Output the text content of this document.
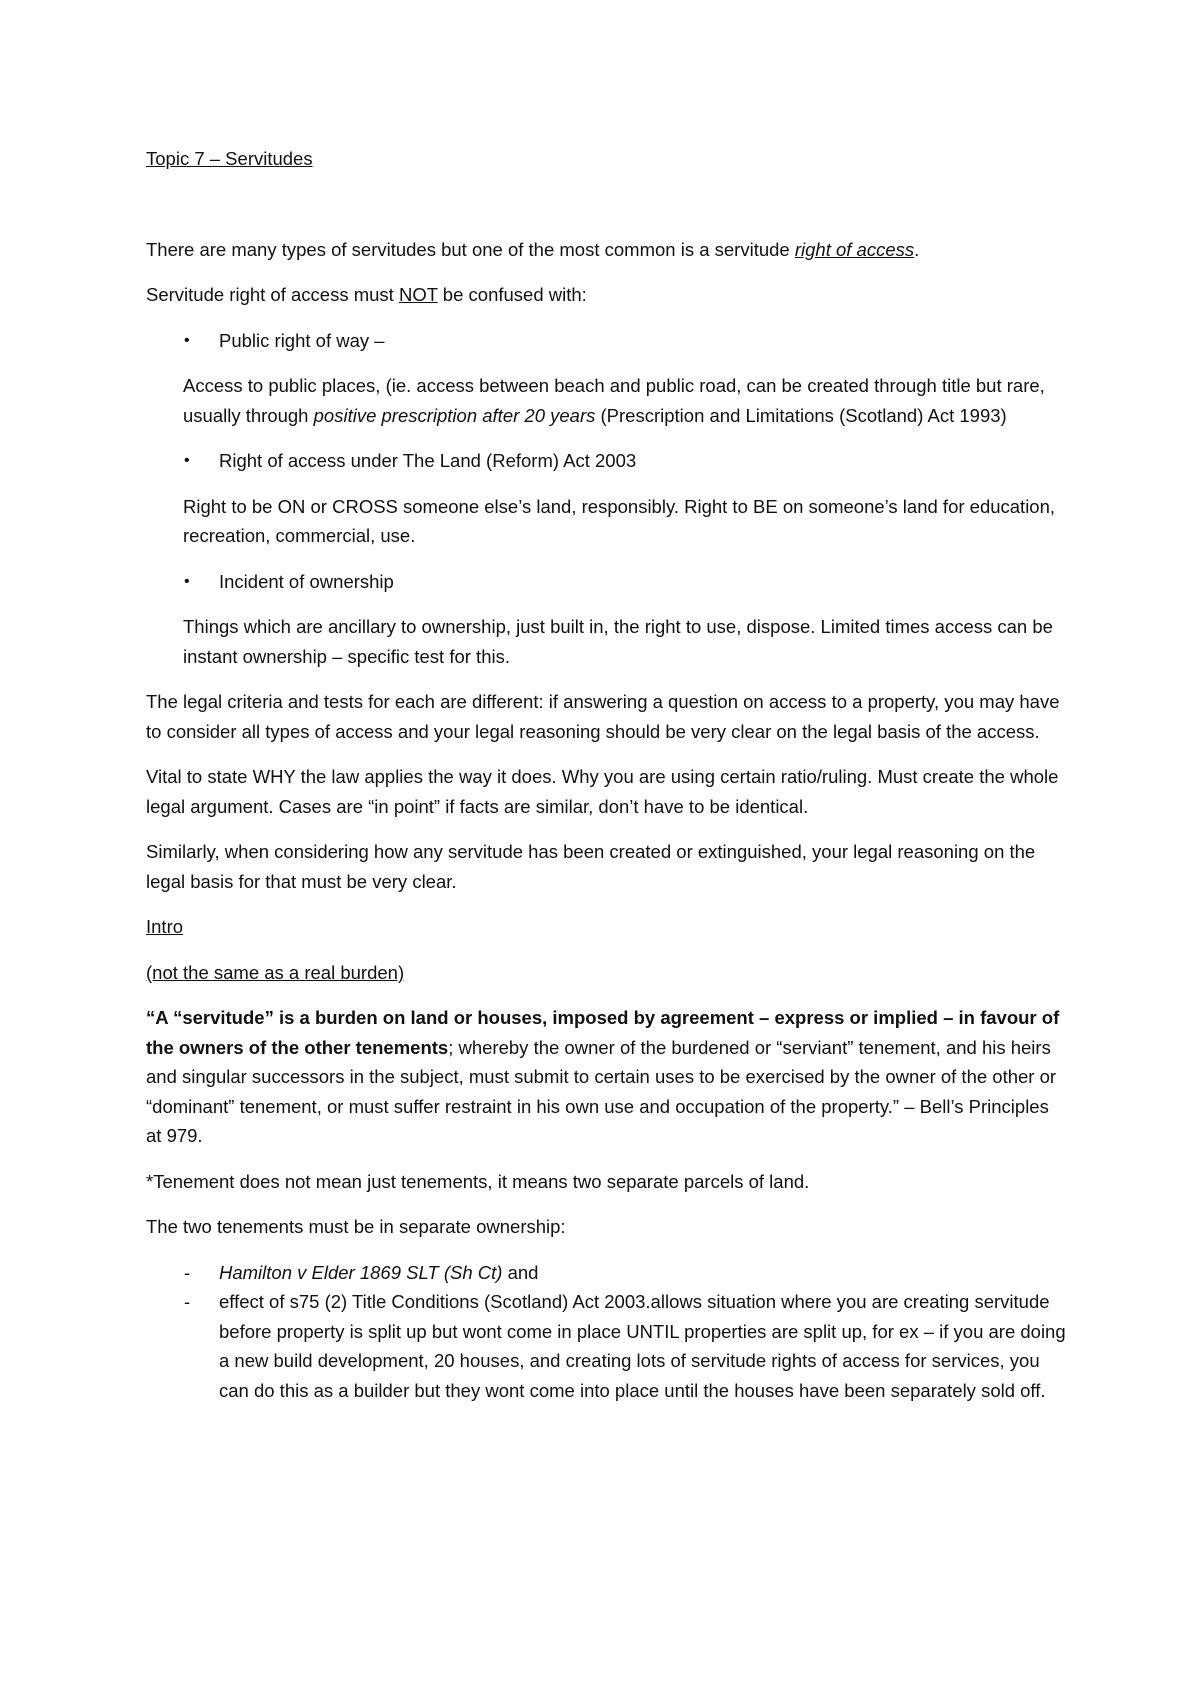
Topic 7 – Servitudes

There are many types of servitudes but one of the most common is a servitude right of access.

Servitude right of access must NOT be confused with:

• Public right of way –

Access to public places, (ie. access between beach and public road, can be created through title but rare, usually through positive prescription after 20 years (Prescription and Limitations (Scotland) Act 1993)

• Right of access under The Land (Reform) Act 2003

Right to be ON or CROSS someone else’s land, responsibly. Right to BE on someone’s land for education, recreation, commercial, use.

• Incident of ownership

Things which are ancillary to ownership, just built in, the right to use, dispose. Limited times access can be instant ownership – specific test for this.

The legal criteria and tests for each are different: if answering a question on access to a property, you may have to consider all types of access and your legal reasoning should be very clear on the legal basis of the access.

Vital to state WHY the law applies the way it does. Why you are using certain ratio/ruling. Must create the whole legal argument. Cases are “in point” if facts are similar, don’t have to be identical.

Similarly, when considering how any servitude has been created or extinguished, your legal reasoning on the legal basis for that must be very clear.

Intro

(not the same as a real burden)

“A “servitude” is a burden on land or houses, imposed by agreement – express or implied – in favour of the owners of the other tenements; whereby the owner of the burdened or “serviant” tenement, and his heirs and singular successors in the subject, must submit to certain uses to be exercised by the owner of the other or “dominant” tenement, or must suffer restraint in his own use and occupation of the property.” – Bell’s Principles at 979.

*Tenement does not mean just tenements, it means two separate parcels of land.

The two tenements must be in separate ownership:

- Hamilton v Elder 1869 SLT (Sh Ct) and
- effect of s75 (2) Title Conditions (Scotland) Act 2003.allows situation where you are creating servitude before property is split up but wont come in place UNTIL properties are split up, for ex – if you are doing a new build development, 20 houses, and creating lots of servitude rights of access for services, you can do this as a builder but they wont come into place until the houses have been separately sold off.
